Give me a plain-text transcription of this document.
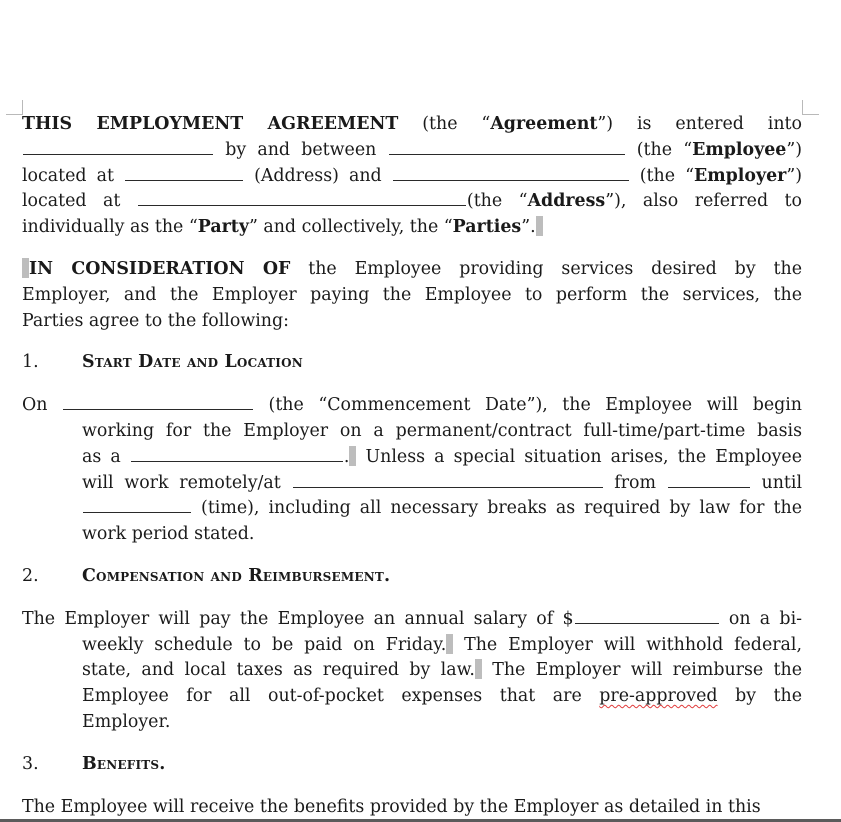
THIS EMPLOYMENT AGREEMENT (the “Agreement”) is entered into
by and between	(the “Employee”)
located at	(Address) and	(the “Employer”)
located at	(the “Address”), also referred to
individually as the “Party” and collectively, the “Parties”.
IN CONSIDERATION OF the Employee providing services desired by the
Employer, and the Employer paying the Employee to perform the services, the
Parties agree to the following:
1.	Start Date and Location
On	(the “Commencement Date”), the Employee will begin
working for the Employer on a permanent/contract full-time/part-time basis
as a	. Unless a special situation arises, the Employee
will work remotely/at	from	until
(time), including all necessary breaks as required by law for the
work period stated.
2.	Compensation and Reimbursement.
The Employer will pay the Employee an annual salary of $	on a bi-
weekly schedule to be paid on Friday. The Employer will withhold federal,
state, and local taxes as required by law. The Employer will reimburse the
Employee for all out-of-pocket expenses that are pre-approved by the
Employer.
3.	Benefits.
The Employee will receive the benefits provided by the Employer as detailed in this
